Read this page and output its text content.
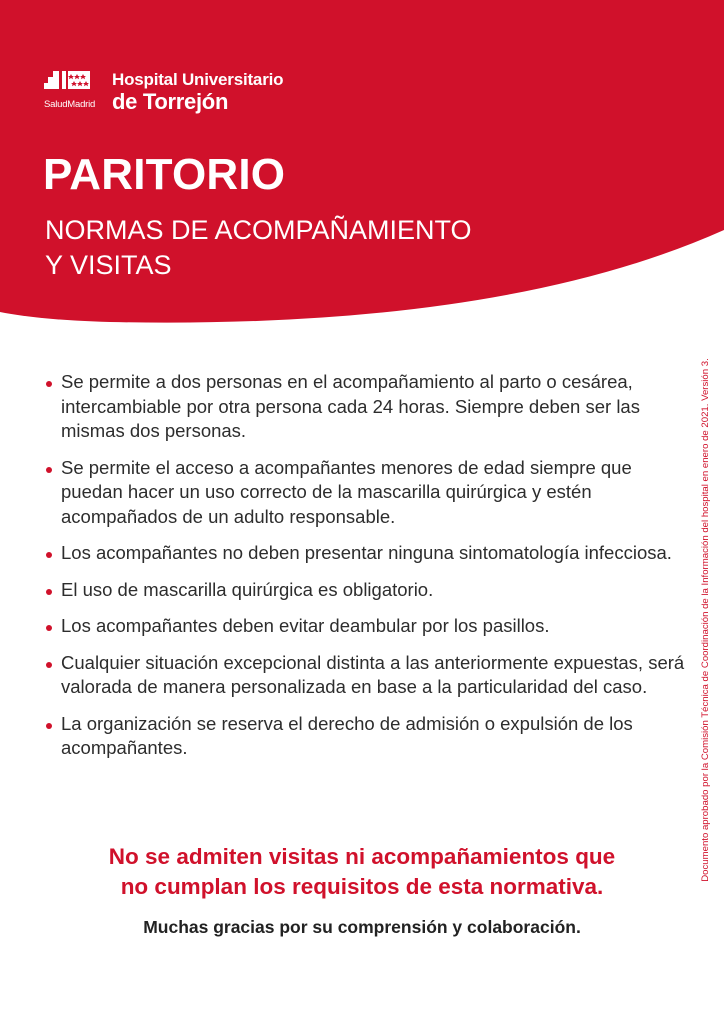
SaludMadrid
Hospital Universitario
de Torrejón
PARITORIO
NORMAS DE ACOMPAÑAMIENTO
Y VISITAS
Documento aprobado por la Comisión Técnica de Coordinación de la Información del hospital en enero de 2021. Versión 3.
Se permite a dos personas en el acompañamiento al parto o cesárea, intercambiable por otra persona cada 24 horas. Siempre deben ser las mismas dos personas.
Se permite el acceso a acompañantes menores de edad siempre que puedan hacer un uso correcto de la mascarilla quirúrgica y estén acompañados de un adulto responsable.
Los acompañantes no deben presentar ninguna sintomatología infecciosa.
El uso de mascarilla quirúrgica es obligatorio.
Los acompañantes deben evitar deambular por los pasillos.
Cualquier situación excepcional distinta a las anteriormente expuestas, será valorada de manera personalizada en base a la particularidad del caso.
La organización se reserva el derecho de admisión o expulsión de los acompañantes.
No se admiten visitas ni acompañamientos que
no cumplan los requisitos de esta normativa.
Muchas gracias por su comprensión y colaboración.
